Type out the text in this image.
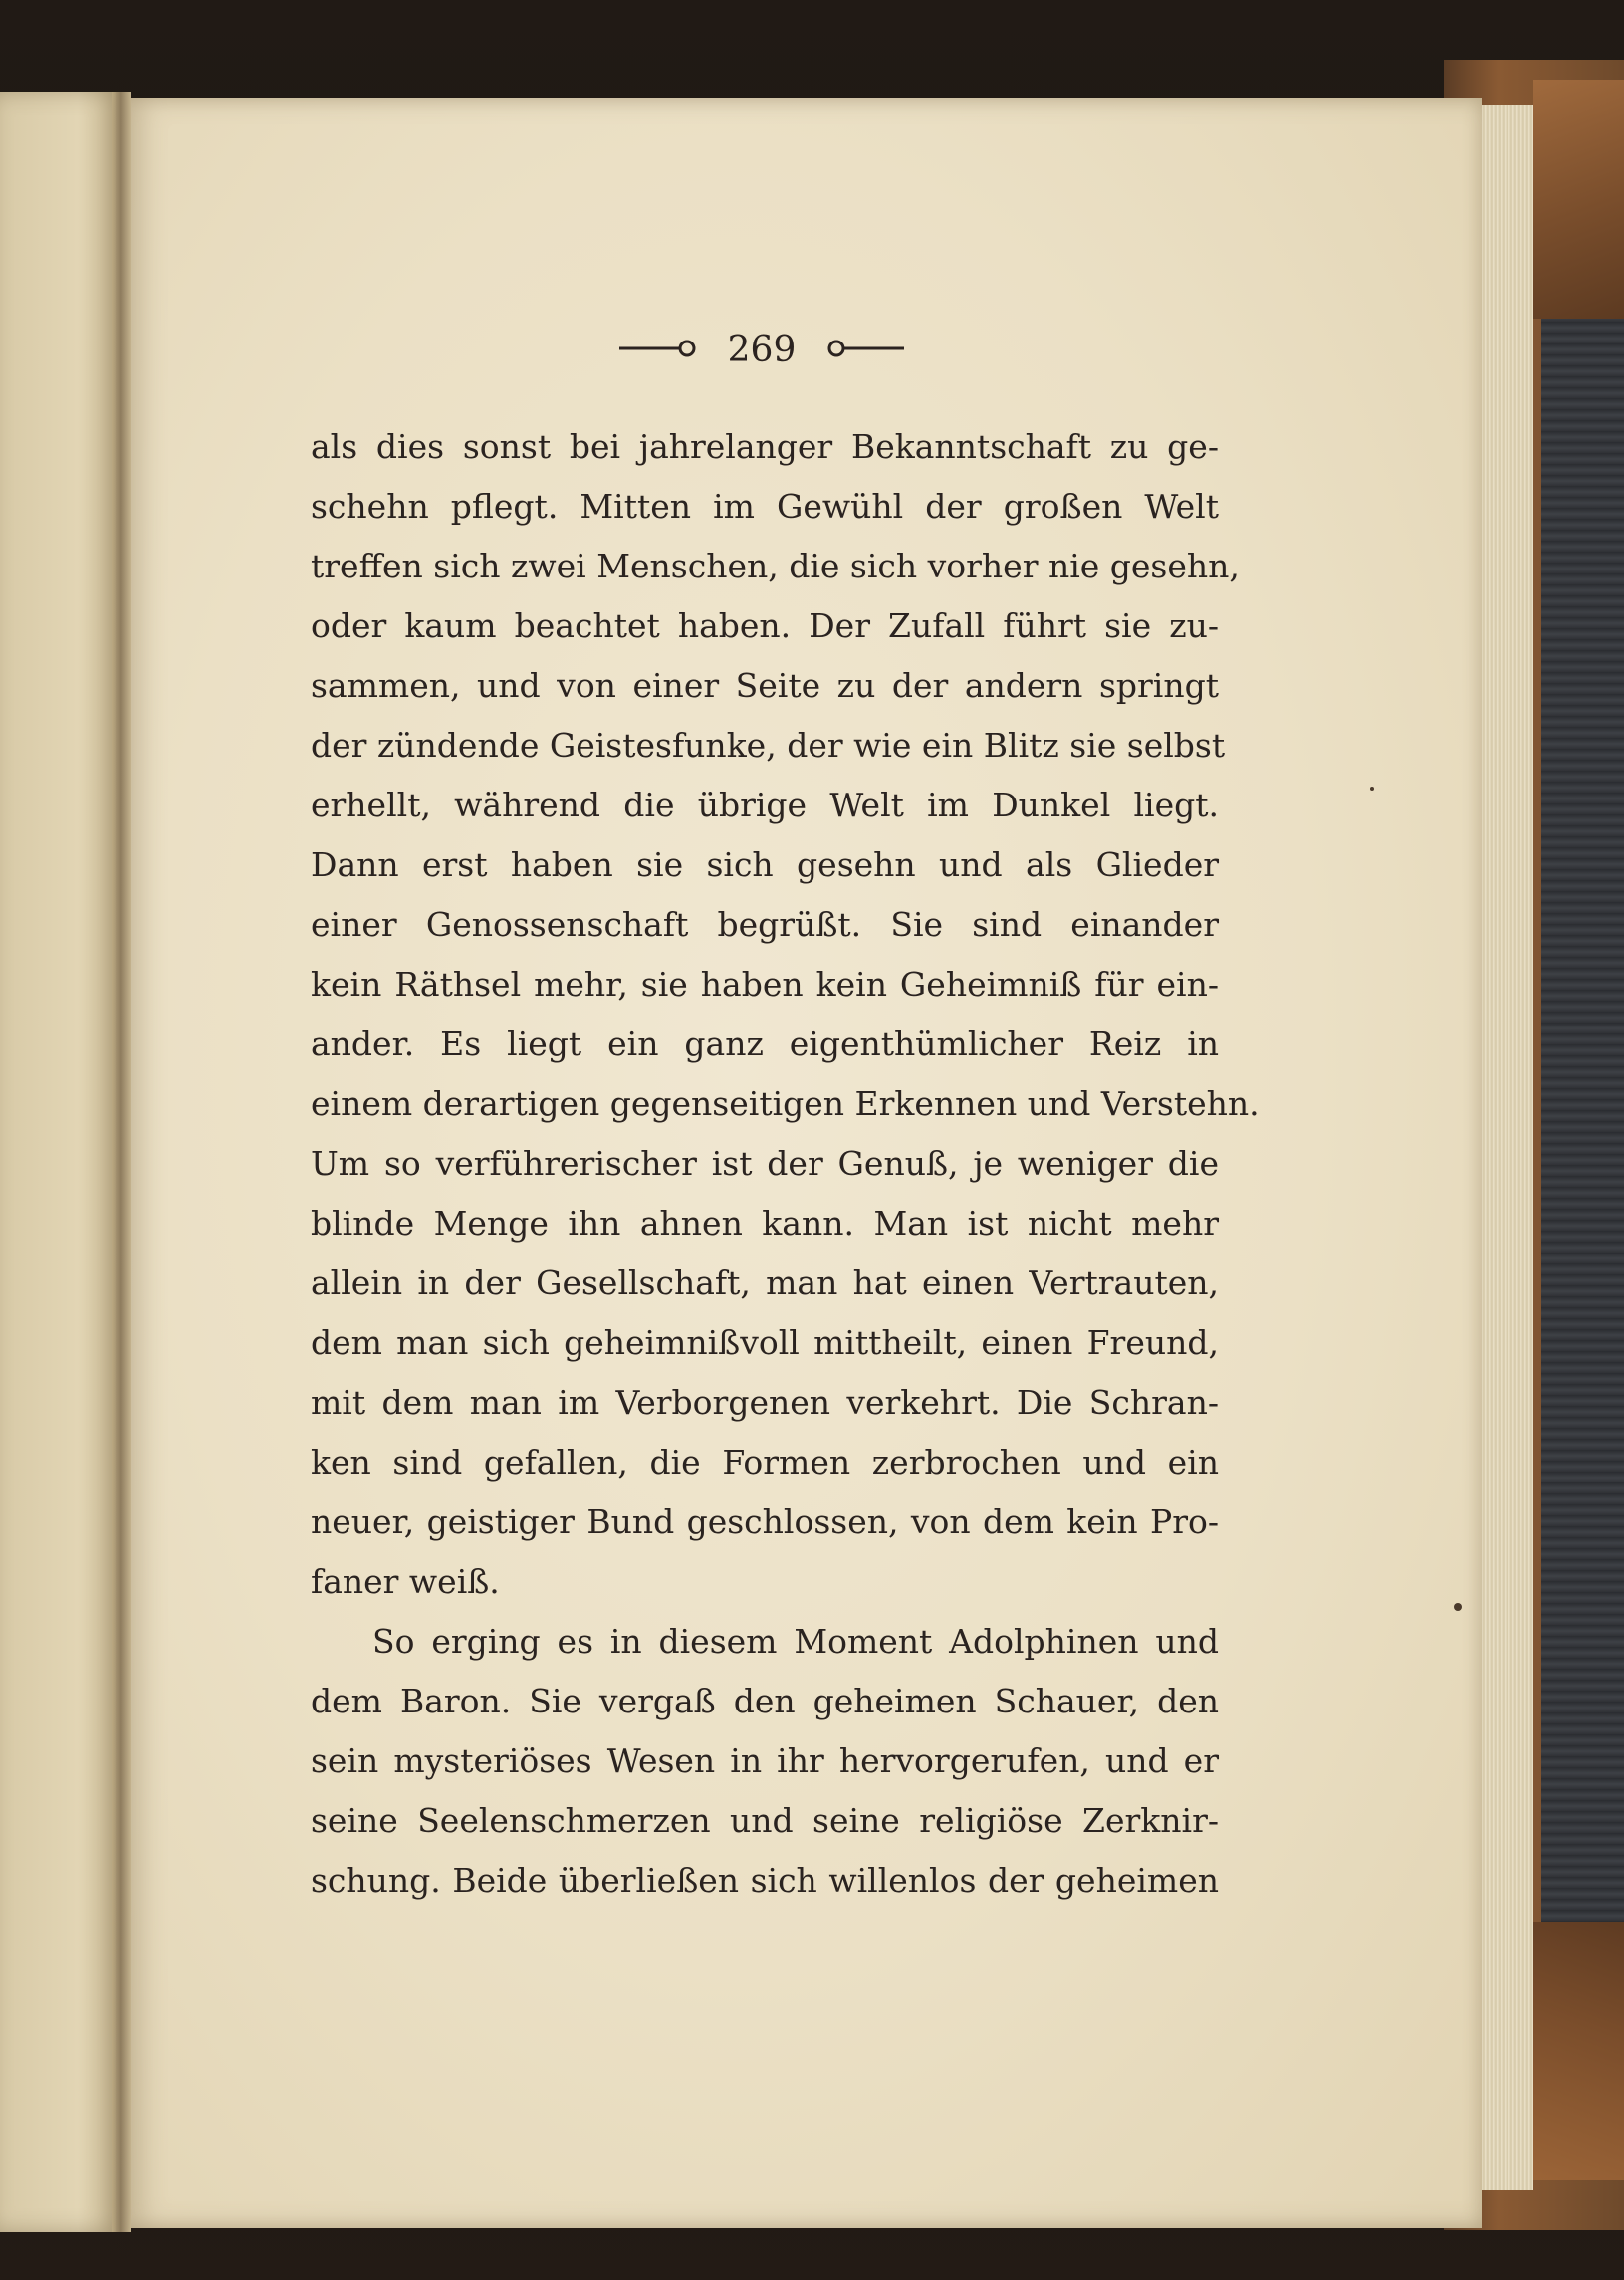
269
als dies sonst bei jahrelanger Bekanntschaft zu ge-
schehn pflegt. Mitten im Gewühl der großen Welt
treffen sich zwei Menschen, die sich vorher nie gesehn,
oder kaum beachtet haben. Der Zufall führt sie zu-
sammen, und von einer Seite zu der andern springt
der zündende Geistesfunke, der wie ein Blitz sie selbst
erhellt, während die übrige Welt im Dunkel liegt.
Dann erst haben sie sich gesehn und als Glieder
einer Genossenschaft begrüßt. Sie sind einander
kein Räthsel mehr, sie haben kein Geheimniß für ein-
ander. Es liegt ein ganz eigenthümlicher Reiz in
einem derartigen gegenseitigen Erkennen und Verstehn.
Um so verführerischer ist der Genuß, je weniger die
blinde Menge ihn ahnen kann. Man ist nicht mehr
allein in der Gesellschaft, man hat einen Vertrauten,
dem man sich geheimnißvoll mittheilt, einen Freund,
mit dem man im Verborgenen verkehrt. Die Schran-
ken sind gefallen, die Formen zerbrochen und ein
neuer, geistiger Bund geschlossen, von dem kein Pro-
faner weiß.
So erging es in diesem Moment Adolphinen und
dem Baron. Sie vergaß den geheimen Schauer, den
sein mysteriöses Wesen in ihr hervorgerufen, und er
seine Seelenschmerzen und seine religiöse Zerknir-
schung. Beide überließen sich willenlos der geheimen
